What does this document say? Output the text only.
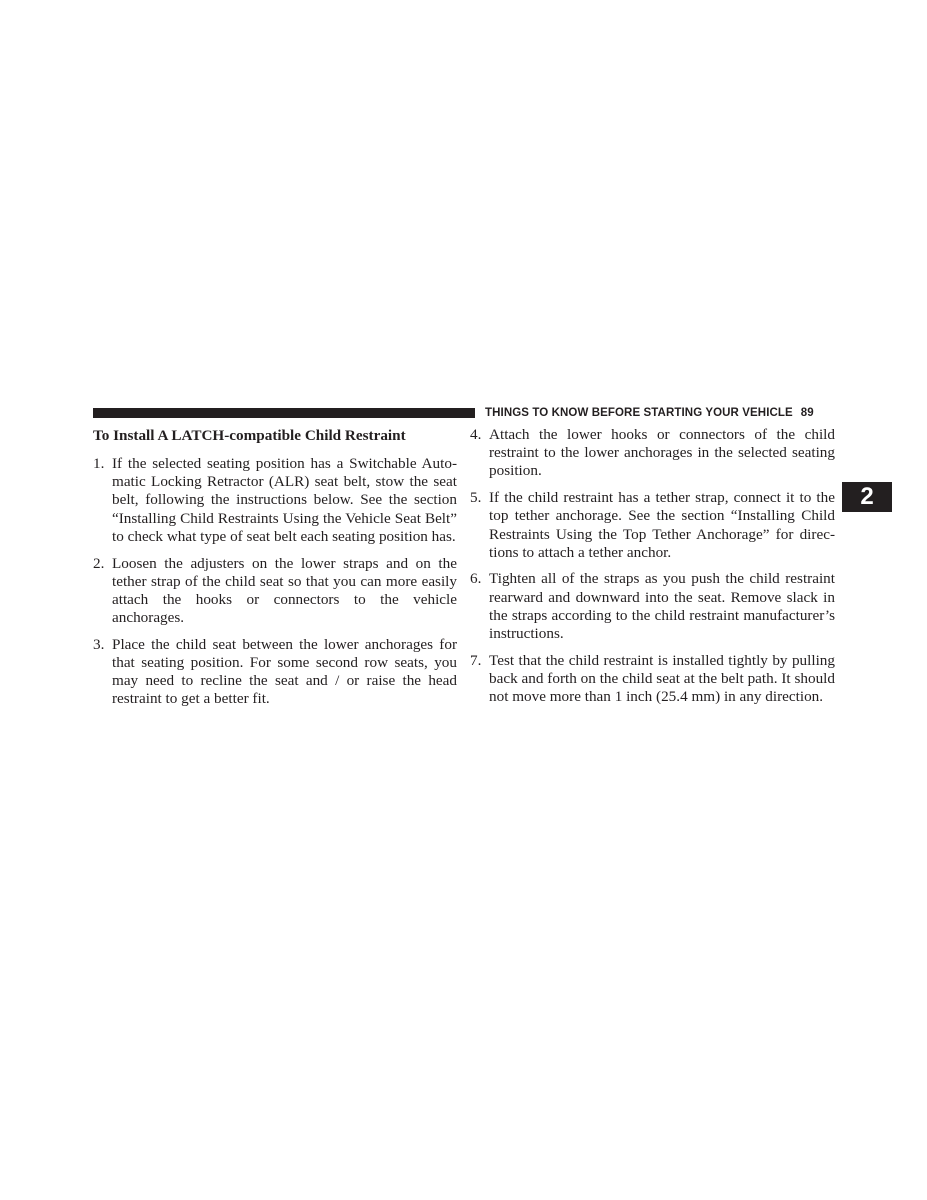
THINGS TO KNOW BEFORE STARTING YOUR VEHICLE 89
2
To Install A LATCH-compatible Child Restraint
1. If the selected seating position has a Switchable Automatic Locking Retractor (ALR) seat belt, stow the seat belt, following the instructions below. See the section “Installing Child Restraints Using the Vehicle Seat Belt” to check what type of seat belt each seating position has.
2. Loosen the adjusters on the lower straps and on the tether strap of the child seat so that you can more easily attach the hooks or connectors to the vehicle anchorages.
3. Place the child seat between the lower anchorages for that seating position. For some second row seats, you may need to recline the seat and / or raise the head restraint to get a better fit.
4. Attach the lower hooks or connectors of the child restraint to the lower anchorages in the selected seating position.
5. If the child restraint has a tether strap, connect it to the top tether anchorage. See the section “Installing Child Restraints Using the Top Tether Anchorage” for directions to attach a tether anchor.
6. Tighten all of the straps as you push the child restraint rearward and downward into the seat. Remove slack in the straps according to the child restraint manufacturer’s instructions.
7. Test that the child restraint is installed tightly by pulling back and forth on the child seat at the belt path. It should not move more than 1 inch (25.4 mm) in any direction.
